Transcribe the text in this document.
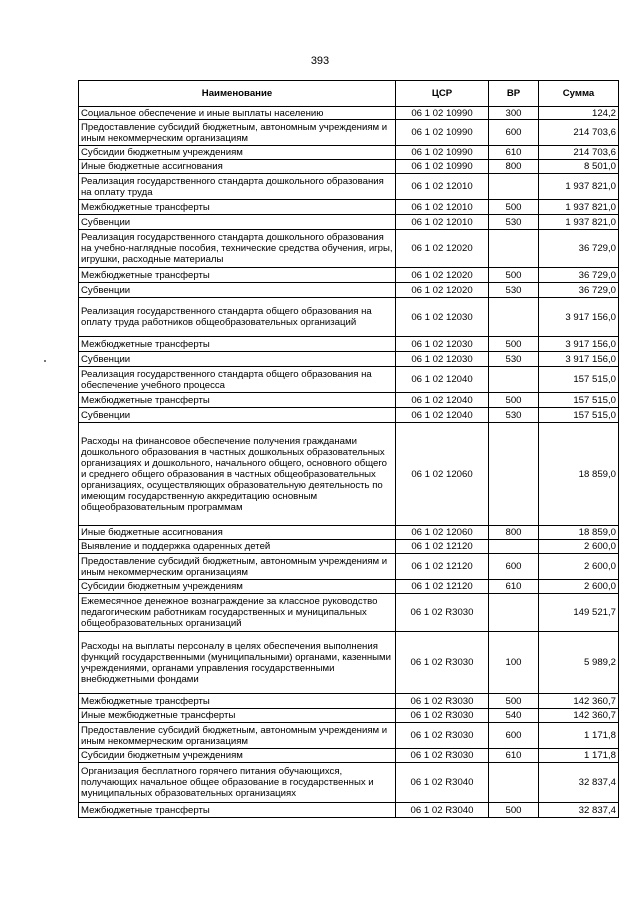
393
Наименование	ЦСР	ВР	Сумма
Социальное обеспечение и иные выплаты населению	06 1 02 10990	300	124,2
Предоставление субсидий бюджетным, автономным учреждениям и иным некоммерческим организациям	06 1 02 10990	600	214 703,6
Субсидии бюджетным учреждениям	06 1 02 10990	610	214 703,6
Иные бюджетные ассигнования	06 1 02 10990	800	8 501,0
Реализация государственного стандарта дошкольного образования на оплату труда	06 1 02 12010		1 937 821,0
Межбюджетные трансферты	06 1 02 12010	500	1 937 821,0
Субвенции	06 1 02 12010	530	1 937 821,0
Реализация государственного стандарта дошкольного образования на учебно-наглядные пособия, технические средства обучения, игры, игрушки, расходные материалы	06 1 02 12020		36 729,0
Межбюджетные трансферты	06 1 02 12020	500	36 729,0
Субвенции	06 1 02 12020	530	36 729,0
Реализация государственного стандарта общего образования на оплату труда работников общеобразовательных организаций	06 1 02 12030		3 917 156,0
Межбюджетные трансферты	06 1 02 12030	500	3 917 156,0
Субвенции	06 1 02 12030	530	3 917 156,0
Реализация государственного стандарта общего образования на обеспечение учебного процесса	06 1 02 12040		157 515,0
Межбюджетные трансферты	06 1 02 12040	500	157 515,0
Субвенции	06 1 02 12040	530	157 515,0
Расходы на финансовое обеспечение получения гражданами дошкольного образования в частных дошкольных образовательных организациях и дошкольного, начального общего, основного общего и среднего общего образования в частных общеобразовательных организациях, осуществляющих образовательную деятельность по имеющим государственную аккредитацию основным общеобразовательным программам	06 1 02 12060		18 859,0
Иные бюджетные ассигнования	06 1 02 12060	800	18 859,0
Выявление и поддержка одаренных детей	06 1 02 12120		2 600,0
Предоставление субсидий бюджетным, автономным учреждениям и иным некоммерческим организациям	06 1 02 12120	600	2 600,0
Субсидии бюджетным учреждениям	06 1 02 12120	610	2 600,0
Ежемесячное денежное вознаграждение за классное руководство педагогическим работникам государственных и муниципальных общеобразовательных организаций	06 1 02 R3030		149 521,7
Расходы на выплаты персоналу в целях обеспечения выполнения функций государственными (муниципальными) органами, казенными учреждениями, органами управления государственными внебюджетными фондами	06 1 02 R3030	100	5 989,2
Межбюджетные трансферты	06 1 02 R3030	500	142 360,7
Иные межбюджетные трансферты	06 1 02 R3030	540	142 360,7
Предоставление субсидий бюджетным, автономным учреждениям и иным некоммерческим организациям	06 1 02 R3030	600	1 171,8
Субсидии бюджетным учреждениям	06 1 02 R3030	610	1 171,8
Организация бесплатного горячего питания обучающихся, получающих начальное общее образование в государственных и муниципальных образовательных организациях	06 1 02 R3040		32 837,4
Межбюджетные трансферты	06 1 02 R3040	500	32 837,4
